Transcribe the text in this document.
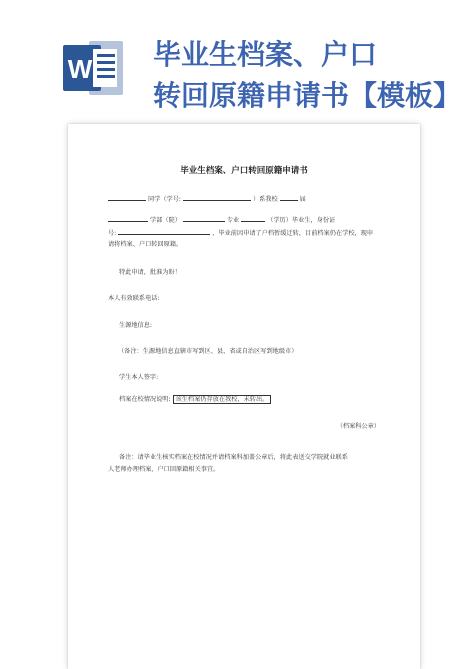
W 毕业生档案、户口
转回原籍申请书【模板】
毕业生档案、户口转回原籍申请书
同学（学号:	）系我校	届
学部（院）	专业	（学历）毕业生，身份证
号:	，毕业前因申请了户档暂缓迁转，目前档案仍在学校，现申
请将档案、户口转回原籍。
特此申请，批准为盼！
本人有效联系电话:
生源地信息:
（备注：生源地信息直辖市写到区、县，省或自治区写到地级市）
学生本人签字:
档案在校情况说明: 该生档案仍存放在我校，未转出。
（档案科公章）
备注：请毕业生核实档案在校情况并请档案科加盖公章后，将此表送交学院就业联系
人老师办理档案、户口回原籍相关事宜。
